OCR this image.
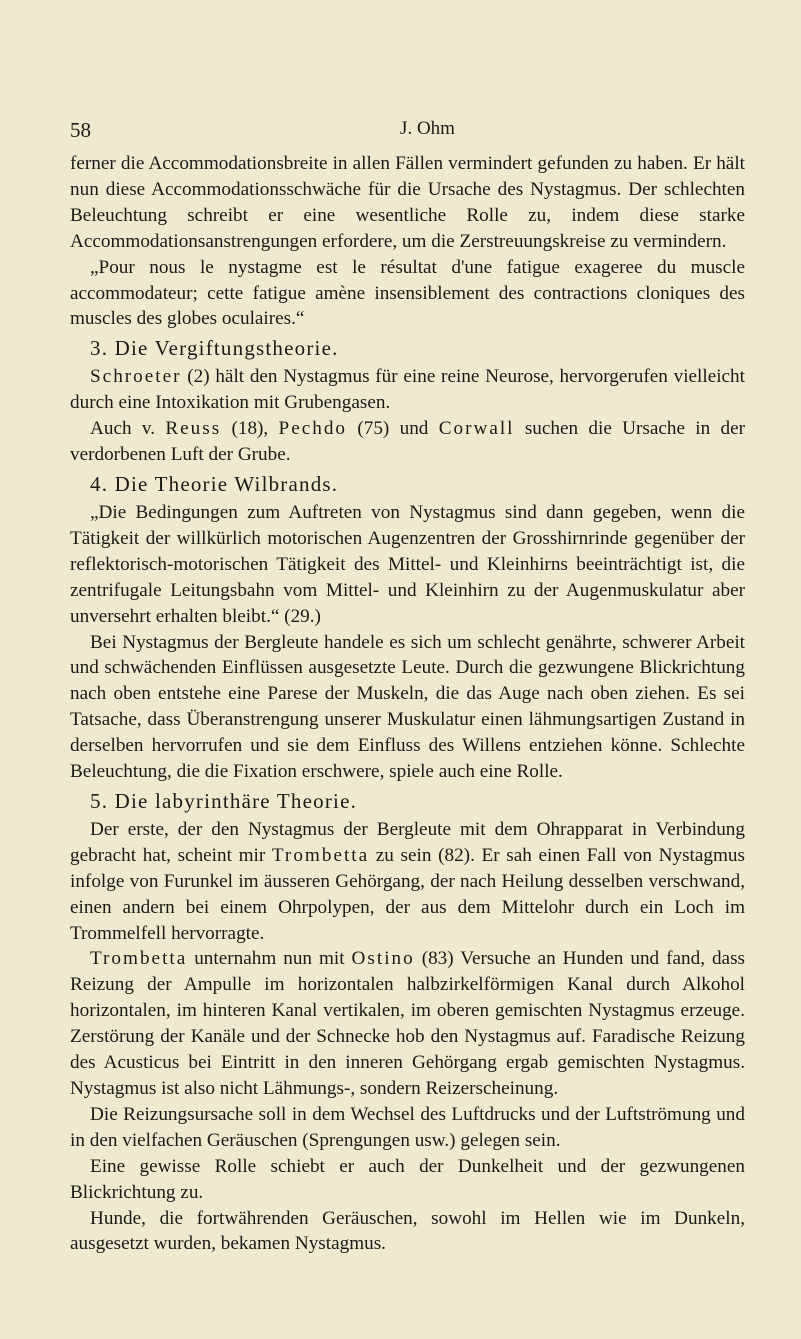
58	J. Ohm

ferner die Accommodationsbreite in allen Fällen vermindert gefunden zu haben. Er hält nun diese Accommodationsschwäche für die Ursache des Nystagmus. Der schlechten Beleuchtung schreibt er eine wesentliche Rolle zu, indem diese starke Accommodationsanstrengungen erfordere, um die Zerstreuungskreise zu vermindern.

„Pour nous le nystagme est le résultat d'une fatigue exageree du muscle accommodateur; cette fatigue amène insensiblement des contractions cloniques des muscles des globes oculaires.“

3. Die Vergiftungstheorie.

Schroeter (2) hält den Nystagmus für eine reine Neurose, hervorgerufen vielleicht durch eine Intoxikation mit Grubengasen.

Auch v. Reuss (18), Pechdo (75) und Corwall suchen die Ursache in der verdorbenen Luft der Grube.

4. Die Theorie Wilbrands.

„Die Bedingungen zum Auftreten von Nystagmus sind dann gegeben, wenn die Tätigkeit der willkürlich motorischen Augenzentren der Grosshirnrinde gegenüber der reflektorisch-motorischen Tätigkeit des Mittel- und Kleinhirns beeinträchtigt ist, die zentrifugale Leitungsbahn vom Mittel- und Kleinhirn zu der Augenmuskulatur aber unversehrt erhalten bleibt.“ (29.)

Bei Nystagmus der Bergleute handele es sich um schlecht genährte, schwerer Arbeit und schwächenden Einflüssen ausgesetzte Leute. Durch die gezwungene Blickrichtung nach oben entstehe eine Parese der Muskeln, die das Auge nach oben ziehen. Es sei Tatsache, dass Überanstrengung unserer Muskulatur einen lähmungsartigen Zustand in derselben hervorrufen und sie dem Einfluss des Willens entziehen könne. Schlechte Beleuchtung, die die Fixation erschwere, spiele auch eine Rolle.

5. Die labyrinthäre Theorie.

Der erste, der den Nystagmus der Bergleute mit dem Ohrapparat in Verbindung gebracht hat, scheint mir Trombetta zu sein (82). Er sah einen Fall von Nystagmus infolge von Furunkel im äusseren Gehörgang, der nach Heilung desselben verschwand, einen andern bei einem Ohrpolypen, der aus dem Mittelohr durch ein Loch im Trommelfell hervorragte.

Trombetta unternahm nun mit Ostino (83) Versuche an Hunden und fand, dass Reizung der Ampulle im horizontalen halbzirkelförmigen Kanal durch Alkohol horizontalen, im hinteren Kanal vertikalen, im oberen gemischten Nystagmus erzeuge. Zerstörung der Kanäle und der Schnecke hob den Nystagmus auf. Faradische Reizung des Acusticus bei Eintritt in den inneren Gehörgang ergab gemischten Nystagmus. Nystagmus ist also nicht Lähmungs-, sondern Reizerscheinung.

Die Reizungsursache soll in dem Wechsel des Luftdrucks und der Luftströmung und in den vielfachen Geräuschen (Sprengungen usw.) gelegen sein.

Eine gewisse Rolle schiebt er auch der Dunkelheit und der gezwungenen Blickrichtung zu.

Hunde, die fortwährenden Geräuschen, sowohl im Hellen wie im Dunkeln, ausgesetzt wurden, bekamen Nystagmus.
